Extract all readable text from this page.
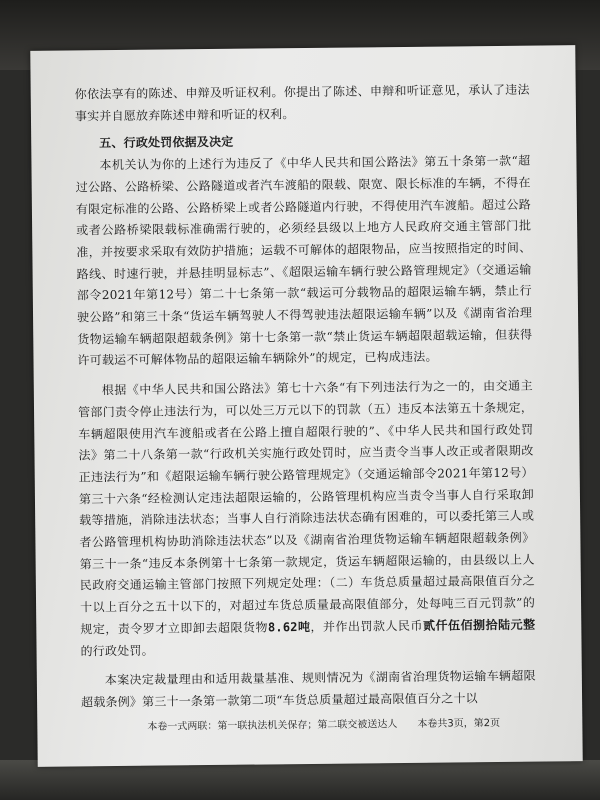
你依法享有的陈述、申辩及听证权利。你提出了陈述、申辩和听证意见，承认了违法事实并自愿放弃陈述申辩和听证的权利。

五、行政处罚依据及决定

本机关认为你的上述行为违反了《中华人民共和国公路法》第五十条第一款“超过公路、公路桥梁、公路隧道或者汽车渡船的限载、限宽、限长标准的车辆，不得在有限定标准的公路、公路桥梁上或者公路隧道内行驶，不得使用汽车渡船。超过公路或者公路桥梁限载标准确需行驶的，必须经县级以上地方人民政府交通主管部门批准，并按要求采取有效防护措施；运载不可解体的超限物品，应当按照指定的时间、路线、时速行驶，并悬挂明显标志”、《超限运输车辆行驶公路管理规定》（交通运输部令2021年第12号）第二十七条第一款“载运可分载物品的超限运输车辆，禁止行驶公路”和第三十条“货运车辆驾驶人不得驾驶违法超限运输车辆”以及《湖南省治理货物运输车辆超限超载条例》第十七条第一款“禁止货运车辆超限超载运输，但获得许可载运不可解体物品的超限运输车辆除外”的规定，已构成违法。

根据《中华人民共和国公路法》第七十六条“有下列违法行为之一的，由交通主管部门责令停止违法行为，可以处三万元以下的罚款（五）违反本法第五十条规定，车辆超限使用汽车渡船或者在公路上擅自超限行驶的”、《中华人民共和国行政处罚法》第二十八条第一款“行政机关实施行政处罚时，应当责令当事人改正或者限期改正违法行为”和《超限运输车辆行驶公路管理规定》（交通运输部令2021年第12号）第三十六条“经检测认定违法超限运输的，公路管理机构应当责令当事人自行采取卸载等措施，消除违法状态；当事人自行消除违法状态确有困难的，可以委托第三人或者公路管理机构协助消除违法状态”以及《湖南省治理货物运输车辆超限超载条例》第三十一条“违反本条例第十七条第一款规定，货运车辆超限运输的，由县级以上人民政府交通运输主管部门按照下列规定处理：（二）车货总质量超过最高限值百分之十以上百分之五十以下的，对超过车货总质量最高限值部分，处每吨三百元罚款”的规定，责令罗才立即卸去超限货物8.62吨，并作出罚款人民币贰仟伍佰捌拾陆元整的行政处罚。

本案决定裁量理由和适用裁量基准、规则情况为《湖南省治理货物运输车辆超限超载条例》第三十一条第一款第二项“车货总质量超过最高限值百分之十以

本卷一式两联：第一联执法机关保存；第二联交被送达人 本卷共3页，第2页
